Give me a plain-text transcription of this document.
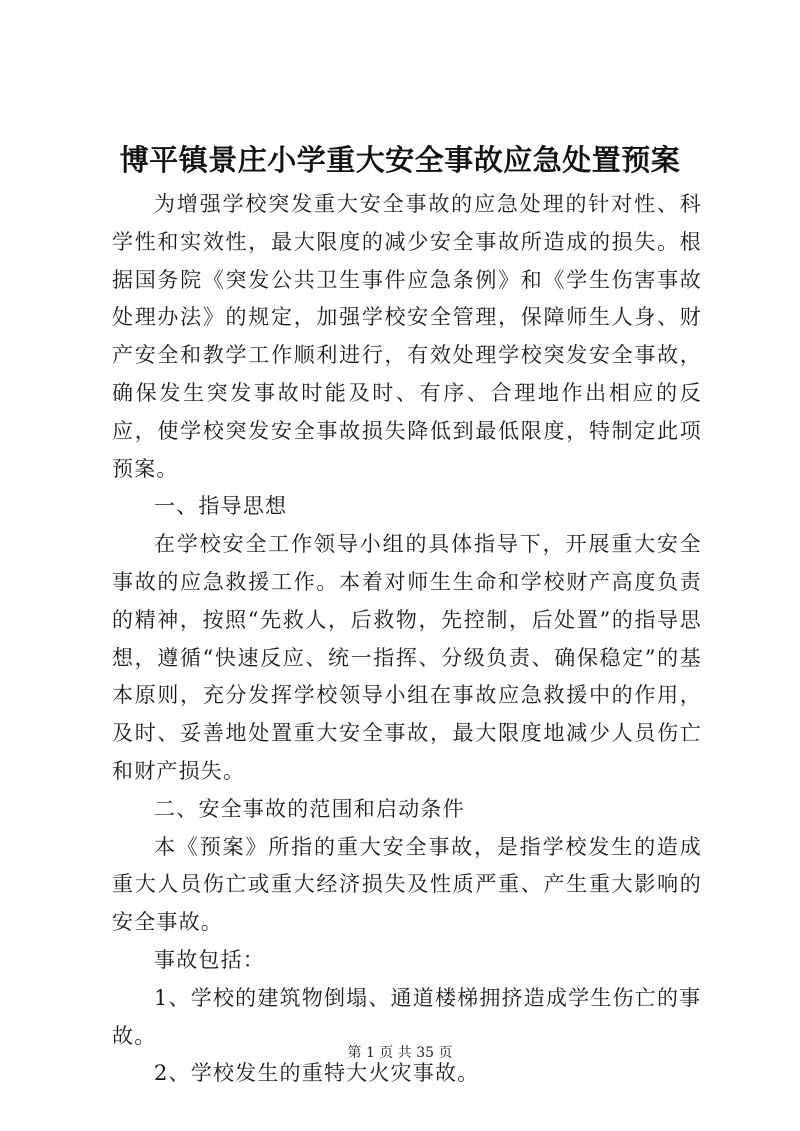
博平镇景庄小学重大安全事故应急处置预案

为增强学校突发重大安全事故的应急处理的针对性、科学性和实效性，最大限度的减少安全事故所造成的损失。根据国务院《突发公共卫生事件应急条例》和《学生伤害事故处理办法》的规定，加强学校安全管理，保障师生人身、财产安全和教学工作顺利进行，有效处理学校突发安全事故，确保发生突发事故时能及时、有序、合理地作出相应的反应，使学校突发安全事故损失降低到最低限度，特制定此项预案。

一、指导思想

在学校安全工作领导小组的具体指导下，开展重大安全事故的应急救援工作。本着对师生生命和学校财产高度负责的精神，按照“先救人，后救物，先控制，后处置”的指导思想，遵循“快速反应、统一指挥、分级负责、确保稳定”的基本原则，充分发挥学校领导小组在事故应急救援中的作用，及时、妥善地处置重大安全事故，最大限度地减少人员伤亡和财产损失。

二、安全事故的范围和启动条件

本《预案》所指的重大安全事故，是指学校发生的造成重大人员伤亡或重大经济损失及性质严重、产生重大影响的安全事故。

事故包括：

1、学校的建筑物倒塌、通道楼梯拥挤造成学生伤亡的事故。

2、学校发生的重特大火灾事故。

第 1 页 共 35 页
